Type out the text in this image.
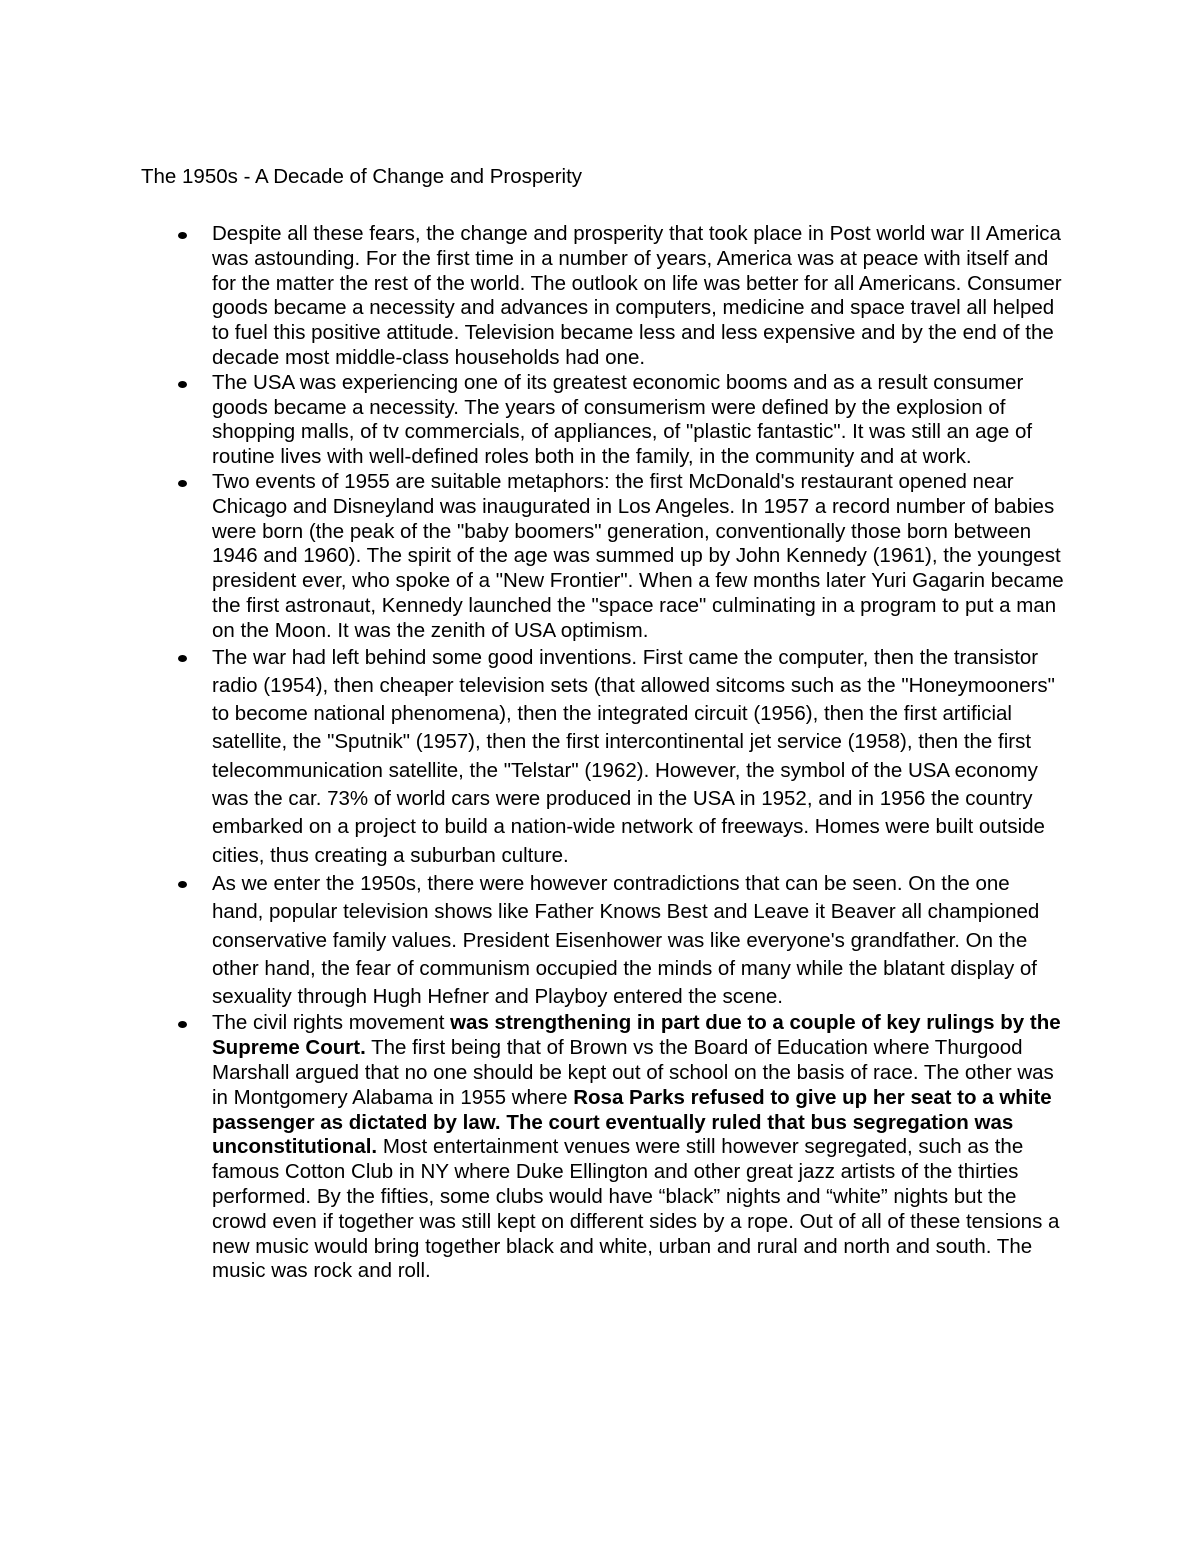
The 1950s - A Decade of Change and Prosperity
Despite all these fears, the change and prosperity that took place in Post world war II America was astounding. For the first time in a number of years, America was at peace with itself and for the matter the rest of the world. The outlook on life was better for all Americans. Consumer goods became a necessity and advances in computers, medicine and space travel all helped to fuel this positive attitude. Television became less and less expensive and by the end of the decade most middle-class households had one.
The USA was experiencing one of its greatest economic booms and as a result consumer goods became a necessity. The years of consumerism were defined by the explosion of shopping malls, of tv commercials, of appliances, of "plastic fantastic". It was still an age of routine lives with well-defined roles both in the family, in the community and at work.
Two events of 1955 are suitable metaphors: the first McDonald's restaurant opened near Chicago and Disneyland was inaugurated in Los Angeles. In 1957 a record number of babies were born (the peak of the "baby boomers" generation, conventionally those born between 1946 and 1960). The spirit of the age was summed up by John Kennedy (1961), the youngest president ever, who spoke of a "New Frontier". When a few months later Yuri Gagarin became the first astronaut, Kennedy launched the "space race" culminating in a program to put a man on the Moon. It was the zenith of USA optimism.
The war had left behind some good inventions. First came the computer, then the transistor radio (1954), then cheaper television sets (that allowed sitcoms such as the "Honeymooners" to become national phenomena), then the integrated circuit (1956), then the first artificial satellite, the "Sputnik" (1957), then the first intercontinental jet service (1958), then the first telecommunication satellite, the "Telstar" (1962). However, the symbol of the USA economy was the car. 73% of world cars were produced in the USA in 1952, and in 1956 the country embarked on a project to build a nation-wide network of freeways. Homes were built outside cities, thus creating a suburban culture.
As we enter the 1950s, there were however contradictions that can be seen. On the one hand, popular television shows like Father Knows Best and Leave it Beaver all championed conservative family values. President Eisenhower was like everyone's grandfather. On the other hand, the fear of communism occupied the minds of many while the blatant display of sexuality through Hugh Hefner and Playboy entered the scene.
The civil rights movement was strengthening in part due to a couple of key rulings by the Supreme Court. The first being that of Brown vs the Board of Education where Thurgood Marshall argued that no one should be kept out of school on the basis of race. The other was in Montgomery Alabama in 1955 where Rosa Parks refused to give up her seat to a white passenger as dictated by law. The court eventually ruled that bus segregation was unconstitutional. Most entertainment venues were still however segregated, such as the famous Cotton Club in NY where Duke Ellington and other great jazz artists of the thirties performed. By the fifties, some clubs would have “black” nights and “white” nights but the crowd even if together was still kept on different sides by a rope. Out of all of these tensions a new music would bring together black and white, urban and rural and north and south. The music was rock and roll.
